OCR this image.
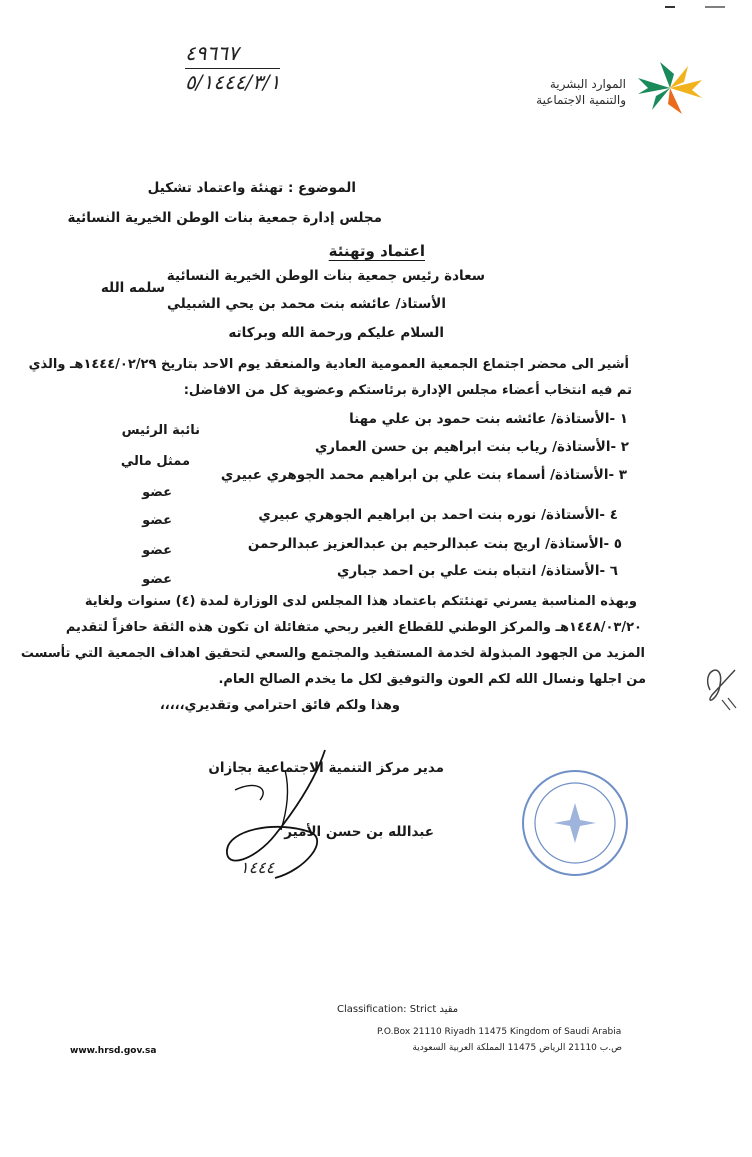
٤٩٦٦٧
٥/١٤٤٤/٣/١	الموارد البشرية
والتنمية الاجتماعية
الموضوع : تهنئة واعتماد تشكيل
مجلس إدارة جمعية بنات الوطن الخيرية النسائية
اعتماد وتهنئة
سعادة رئيس جمعية بنات الوطن الخيرية النسائية
سلمه الله
الأستاذ/ عائشه بنت محمد بن يحي الشبيلي
السلام عليكم ورحمة الله وبركاته
أشير الى محضر اجتماع الجمعية العمومية العادية والمنعقد يوم الاحد بتاريخ ١٤٤٤/٠٢/٢٩هـ والذي
تم فيه انتخاب أعضاء مجلس الإدارة برئاستكم وعضوية كل من الافاضل:
١ -الأستاذة/ عائشه بنت حمود بن علي مهنا
نائبة الرئيس
٢ -الأستاذة/ رياب بنت ابراهيم بن حسن العماري
ممثل مالي
٣ -الأستاذة/ أسماء بنت علي بن ابراهيم محمد الجوهري عبيري
عضو
٤ -الأستاذة/ نوره بنت احمد بن ابراهيم الجوهري عبيري
عضو
٥ -الأستاذة/ اريج بنت عبدالرحيم بن عبدالعزيز عبدالرحمن
عضو
٦ -الأستاذة/ انتباه بنت علي بن احمد جباري
عضو
وبهذه المناسبة يسرني تهنئتكم باعتماد هذا المجلس لدى الوزارة لمدة (٤) سنوات ولغاية
١٤٤٨/٠٣/٢٠هـ والمركز الوطني للقطاع الغير ربحي متفائلة ان تكون هذه الثقة حافزاً لتقديم
المزيد من الجهود المبذولة لخدمة المستفيد والمجتمع والسعي لتحقيق اهداف الجمعية التي تأسست
من اجلها ونسال الله لكم العون والتوفيق لكل ما يخدم الصالح العام.
وهذا ولكم فائق احترامي وتقديري،،،،،
مدير مركز التنمية الاجتماعية بجازان
عبدالله بن حسن الأمير
١٤٤٤
Classification: Strict مقيد
P.O.Box 21110 Riyadh 11475 Kingdom of Saudi Arabia
ص.ب 21110 الرياض 11475 المملكة العربية السعودية
www.hrsd.gov.sa
